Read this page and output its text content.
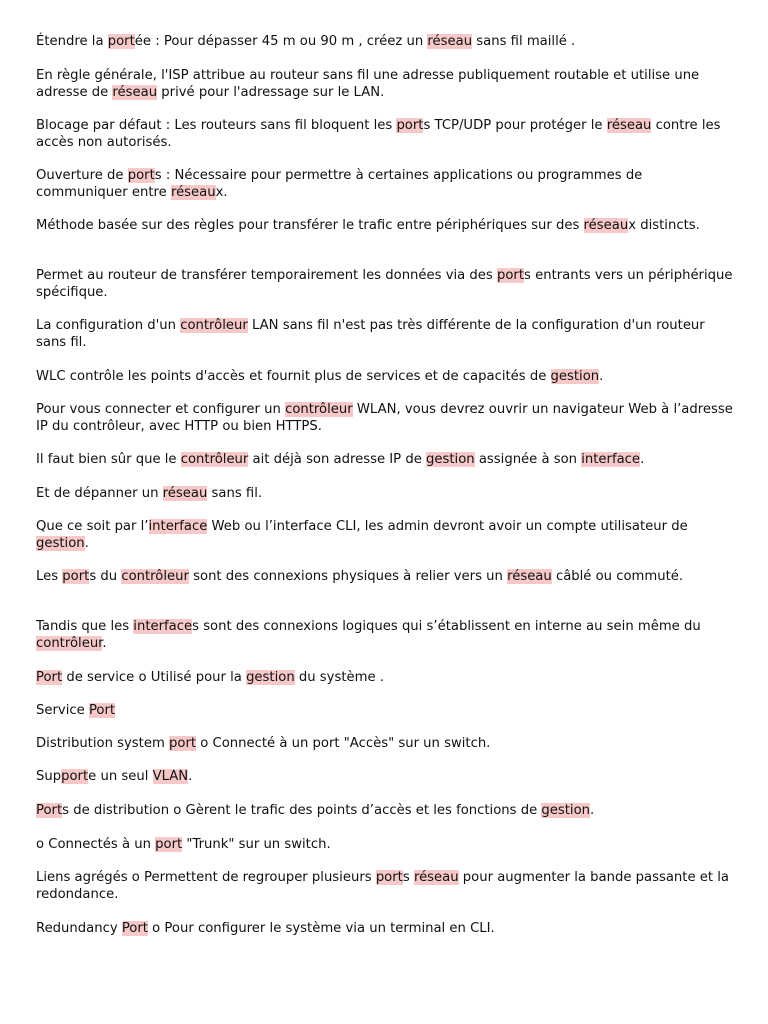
Étendre la portée : Pour dépasser 45 m ou 90 m , créez un réseau sans fil maillé .

En règle générale, l'ISP attribue au routeur sans fil une adresse publiquement routable et utilise une adresse de réseau privé pour l'adressage sur le LAN.

Blocage par défaut : Les routeurs sans fil bloquent les ports TCP/UDP pour protéger le réseau contre les accès non autorisés.

Ouverture de ports : Nécessaire pour permettre à certaines applications ou programmes de communiquer entre réseaux.

Méthode basée sur des règles pour transférer le trafic entre périphériques sur des réseaux distincts.

Permet au routeur de transférer temporairement les données via des ports entrants vers un périphérique spécifique.

La configuration d'un contrôleur LAN sans fil n'est pas très différente de la configuration d'un routeur sans fil.

WLC contrôle les points d'accès et fournit plus de services et de capacités de gestion.

Pour vous connecter et configurer un contrôleur WLAN, vous devrez ouvrir un navigateur Web à l’adresse IP du contrôleur, avec HTTP ou bien HTTPS.

Il faut bien sûr que le contrôleur ait déjà son adresse IP de gestion assignée à son interface.

Et de dépanner un réseau sans fil.

Que ce soit par l’interface Web ou l’interface CLI, les admin devront avoir un compte utilisateur de gestion.

Les ports du contrôleur sont des connexions physiques à relier vers un réseau câblé ou commuté.

Tandis que les interfaces sont des connexions logiques qui s’établissent en interne au sein même du contrôleur.

Port de service o Utilisé pour la gestion du système .

Service Port

Distribution system port o Connecté à un port "Accès" sur un switch.

Supporte un seul VLAN.

Ports de distribution o Gèrent le trafic des points d’accès et les fonctions de gestion.

o Connectés à un port "Trunk" sur un switch.

Liens agrégés o Permettent de regrouper plusieurs ports réseau pour augmenter la bande passante et la redondance.

Redundancy Port o Pour configurer le système via un terminal en CLI.
